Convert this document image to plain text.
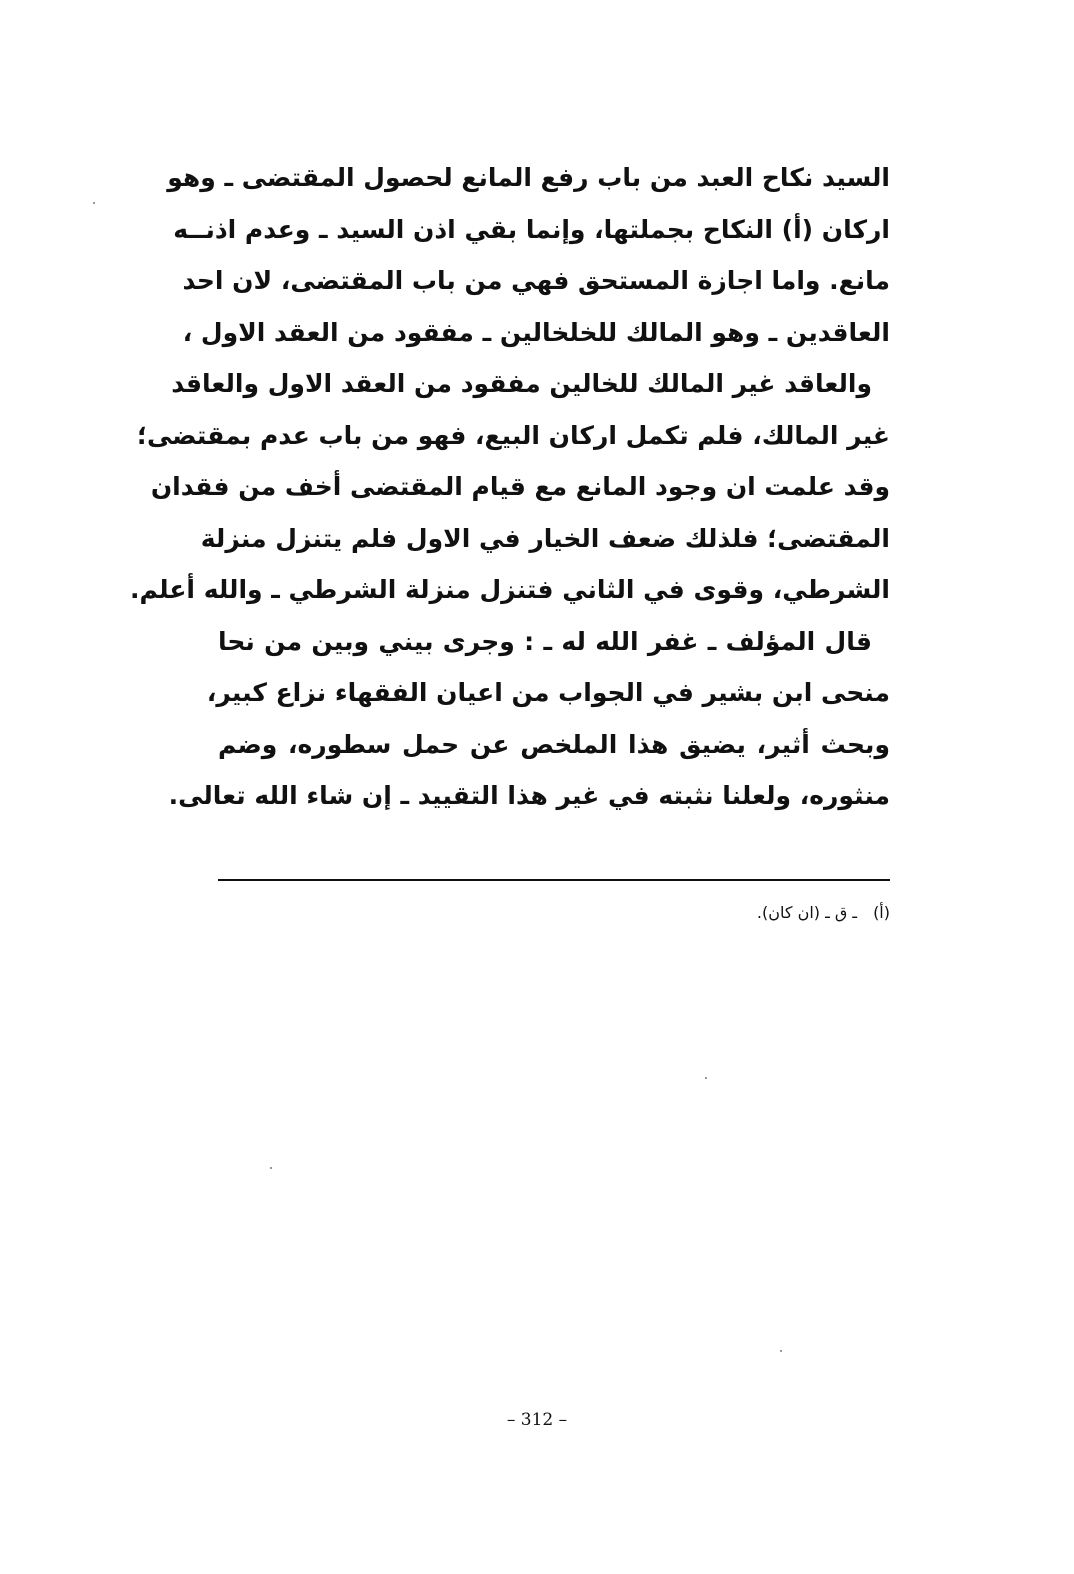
السيد نكاح العبد من باب رفع المانع لحصول المقتضى ـ وهو
اركان (أ) النكاح بجملتها، وإنما بقي اذن السيد ـ وعدم اذنــه
مانع. واما اجازة المستحق فهي من باب المقتضى، لان احد
العاقدين ـ وهو المالك للخلخالين ـ مفقود من العقد الاول ،
والعاقد غير المالك للخالين مفقود من العقد الاول والعاقد
غير المالك، فلم تكمل اركان البيع، فهو من باب عدم بمقتضى؛
وقد علمت ان وجود المانع مع قيام المقتضى أخف من فقدان
المقتضى؛ فلذلك ضعف الخيار في الاول فلم يتنزل منزلة
الشرطي، وقوى في الثاني فتنزل منزلة الشرطي ـ والله أعلم.
قال المؤلف ـ غفر الله له ـ : وجرى بيني وبين من نحا
منحى ابن بشير في الجواب من اعيان الفقهاء نزاع كبير،
وبحث أثير، يضيق هذا الملخص عن حمل سطوره، وضم
منثوره، ولعلنا نثبته في غير هذا التقييد ـ إن شاء الله تعالى.
(أ)ـ ق ـ (ان كان).
– 312 –
